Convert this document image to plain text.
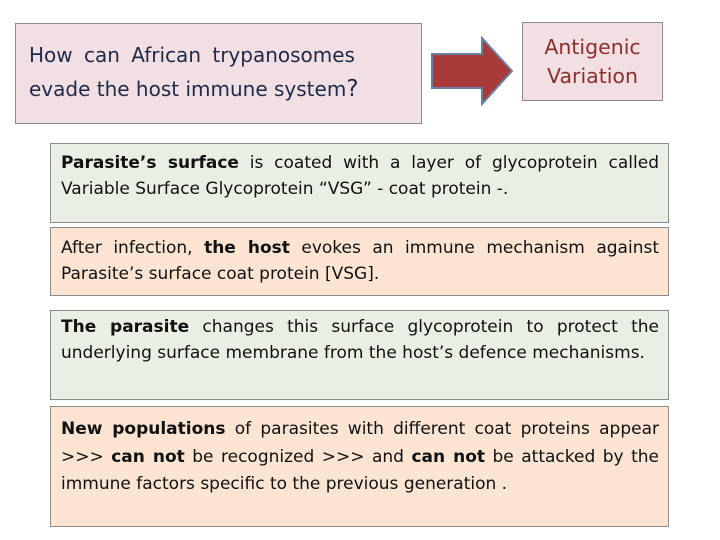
How can African trypanosomes
evade the host immune system?
Antigenic
Variation
Parasite’s surface is coated with a layer of glycoprotein called Variable Surface Glycoprotein “VSG” - coat protein -.
After infection, the host evokes an immune mechanism against Parasite’s surface coat protein [VSG].
The parasite changes this surface glycoprotein to protect the underlying surface membrane from the host’s defence mechanisms.
New populations of parasites with different coat proteins appear >>> can not be recognized >>> and can not be attacked by the immune factors specific to the previous generation .
